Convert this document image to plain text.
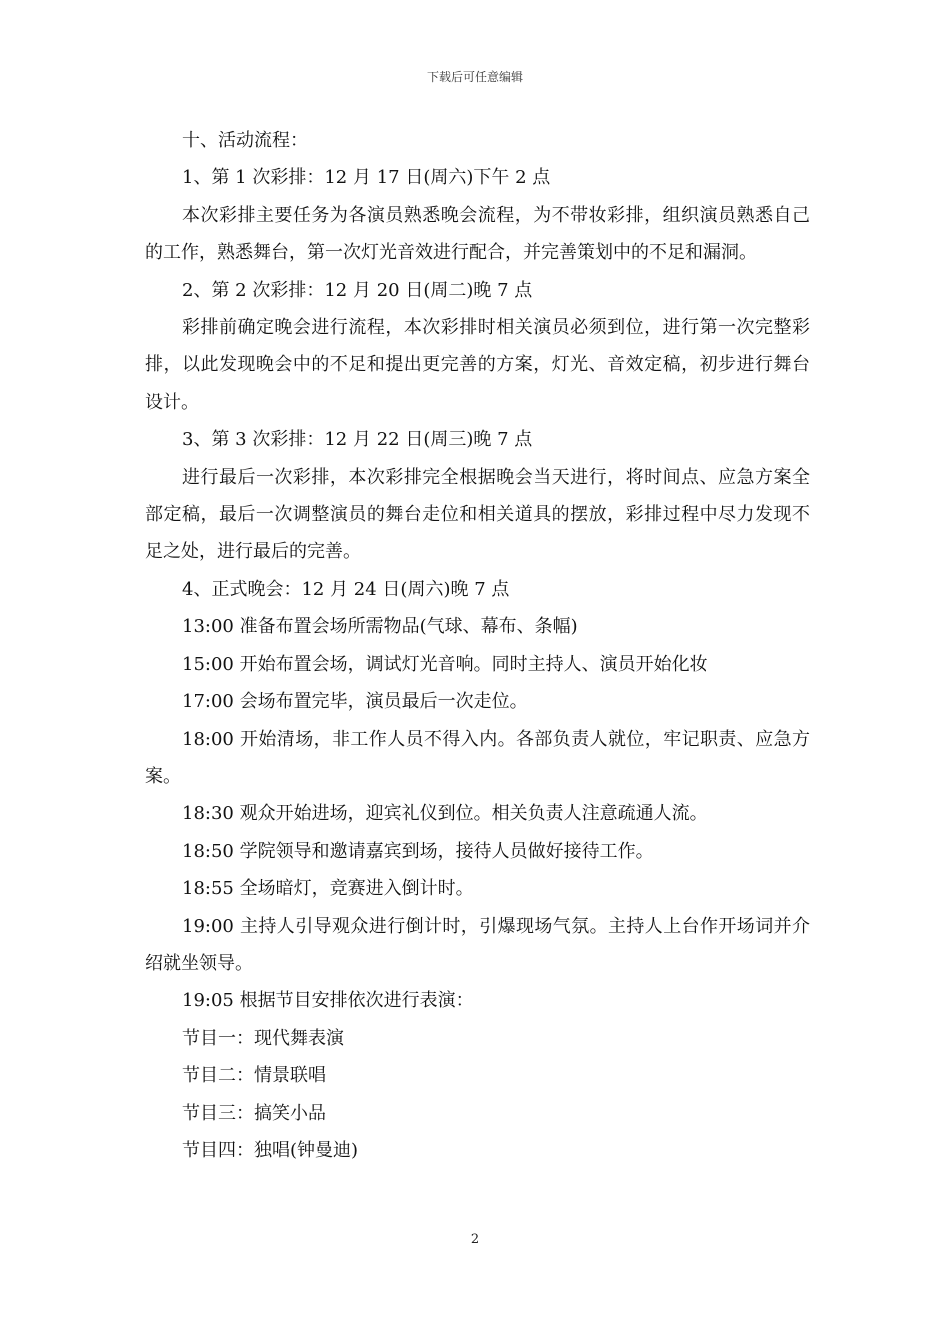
下载后可任意编辑
十、活动流程：
1、第 1 次彩排：12 月 17 日(周六)下午 2 点
本次彩排主要任务为各演员熟悉晚会流程，为不带妆彩排，组织演员熟悉自己的工作，熟悉舞台，第一次灯光音效进行配合，并完善策划中的不足和漏洞。
2、第 2 次彩排：12 月 20 日(周二)晚 7 点
彩排前确定晚会进行流程，本次彩排时相关演员必须到位，进行第一次完整彩排，以此发现晚会中的不足和提出更完善的方案，灯光、音效定稿，初步进行舞台设计。
3、第 3 次彩排：12 月 22 日(周三)晚 7 点
进行最后一次彩排，本次彩排完全根据晚会当天进行，将时间点、应急方案全部定稿，最后一次调整演员的舞台走位和相关道具的摆放，彩排过程中尽力发现不足之处，进行最后的完善。
4、正式晚会：12 月 24 日(周六)晚 7 点
13:00 准备布置会场所需物品(气球、幕布、条幅)
15:00 开始布置会场，调试灯光音响。同时主持人、演员开始化妆
17:00 会场布置完毕，演员最后一次走位。
18:00 开始清场，非工作人员不得入内。各部负责人就位，牢记职责、应急方案。
18:30 观众开始进场，迎宾礼仪到位。相关负责人注意疏通人流。
18:50 学院领导和邀请嘉宾到场，接待人员做好接待工作。
18:55 全场暗灯，竞赛进入倒计时。
19:00 主持人引导观众进行倒计时，引爆现场气氛。主持人上台作开场词并介绍就坐领导。
19:05 根据节目安排依次进行表演：
节目一：现代舞表演
节目二：情景联唱
节目三：搞笑小品
节目四：独唱(钟曼迪)
2
